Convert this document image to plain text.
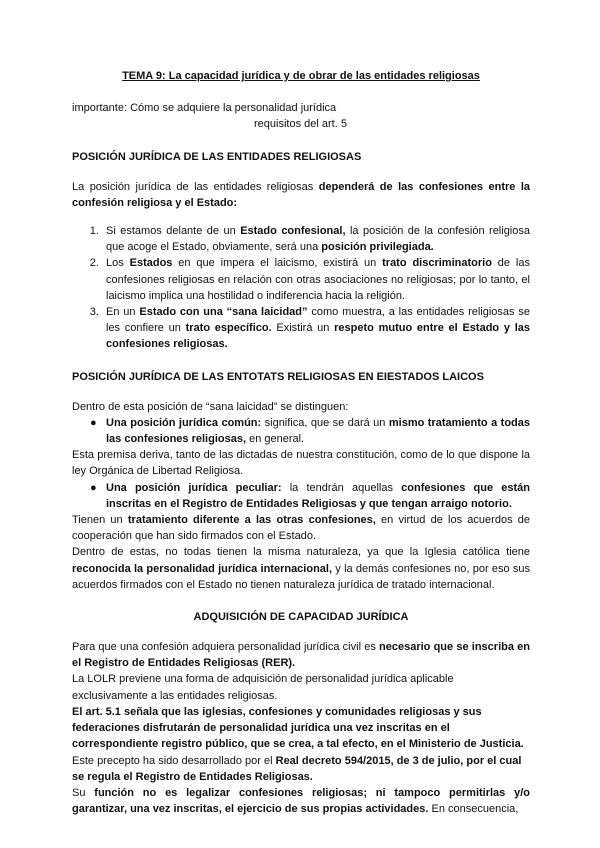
TEMA 9: La capacidad jurídica y de obrar de las entidades religiosas

importante: Cómo se adquiere la personalidad jurídica

requisitos del art. 5

POSICIÓN JURÍDICA DE LAS ENTIDADES RELIGIOSAS

La posición jurídica de las entidades religiosas dependerá de las confesiones entre la confesión religiosa y el Estado:

1. Si estamos delante de un Estado confesional, la posición de la confesión religiosa que acoge el Estado, obviamente, será una posición privilegiada.
2. Los Estados en que impera el laicismo, existirá un trato discriminatorio de las confesiones religiosas en relación con otras asociaciones no religiosas; por lo tanto, el laicismo implica una hostilidad o indiferencia hacia la religión.
3. En un Estado con una “sana laicidad” como muestra, a las entidades religiosas se les confiere un trato específico. Existirá un respeto mutuo entre el Estado y las confesiones religiosas.
POSICIÓN JURÍDICA DE LAS ENTOTATS RELIGIOSAS EN EIESTADOS LAICOS

Dentro de esta posición de “sana laicidad” se distinguen:

● Una posición jurídica común: significa, que se dará un mismo tratamiento a todas las confesiones religiosas, en general.

Esta premisa deriva, tanto de las dictadas de nuestra constitución, como de lo que dispone la ley Orgánica de Libertad Religiosa.

● Una posición jurídica peculiar: la tendrán aquellas confesiones que están inscritas en el Registro de Entidades Religiosas y que tengan arraigo notorio.

Tienen un tratamiento diferente a las otras confesiones, en virtud de los acuerdos de cooperación que han sido firmados con el Estado.

Dentro de estas, no todas tienen la misma naturaleza, ya que la Iglesia católica tiene reconocida la personalidad jurídica internacional, y la demás confesiones no, por eso sus acuerdos firmados con el Estado no tienen naturaleza jurídica de tratado internacional.

ADQUISICIÓN DE CAPACIDAD JURÍDICA

Para que una confesión adquiera personalidad jurídica civil es necesario que se inscriba en el Registro de Entidades Religiosas (RER).

La LOLR previene una forma de adquisición de personalidad jurídica aplicable exclusivamente a las entidades religiosas.

El art. 5.1 señala que las iglesias, confesiones y comunidades religiosas y sus federaciones disfrutarán de personalidad jurídica una vez inscritas en el correspondiente registro público, que se crea, a tal efecto, en el Ministerio de Justicia.

Este precepto ha sido desarrollado por el Real decreto 594/2015, de 3 de julio, por el cual se regula el Registro de Entidades Religiosas.

Su función no es legalizar confesiones religiosas; ni tampoco permitirlas y/o garantizar, una vez inscritas, el ejercicio de sus propias actividades. En consecuencia,
